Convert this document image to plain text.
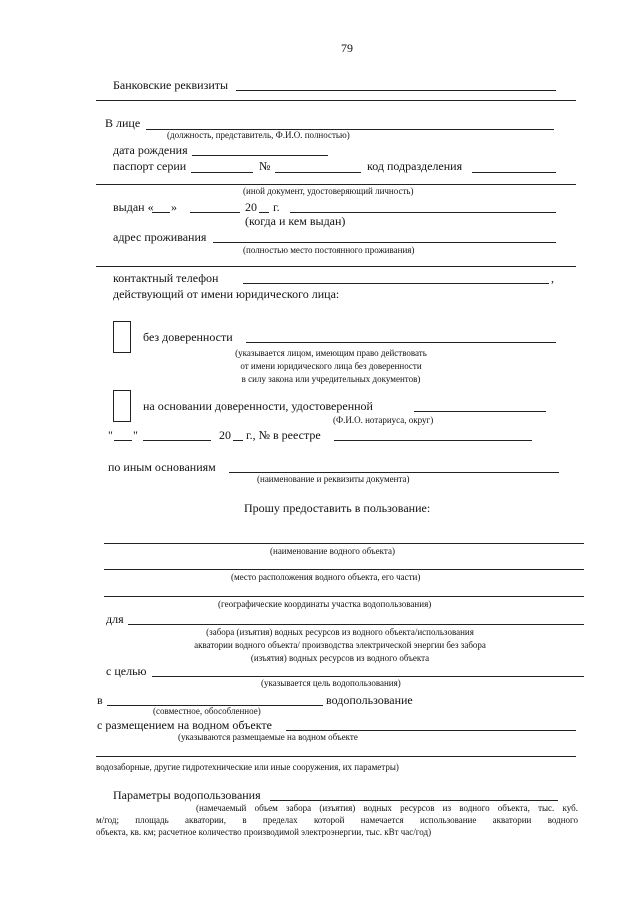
79
Банковские реквизиты
В лице
(должность, представитель, Ф.И.О. полностью)
дата рождения
паспорт серии	№	код подразделения
(иной документ, удостоверяющий личность)
выдан « »	20 г.
(когда и кем выдан)
адрес проживания
(полностью место постоянного проживания)
контактный телефон	,
действующий от имени юридического лица:
без доверенности
(указывается лицом, имеющим право действовать
от имени юридического лица без доверенности
в силу закона или учредительных документов)
на основании доверенности, удостоверенной
(Ф.И.О. нотариуса, округ)
" "	20 г., № в реестре
по иным основаниям
(наименование и реквизиты документа)
Прошу предоставить в пользование:
(наименование водного объекта)
(место расположения водного объекта, его части)
(географические координаты участка водопользования)
для
(забора (изъятия) водных ресурсов из водного объекта/использования
акватории водного объекта/ производства электрической энергии без забора
(изъятия) водных ресурсов из водного объекта
с целью
(указывается цель водопользования)
в	водопользование
(совместное, обособленное)
с размещением на водном объекте
(указываются размещаемые на водном объекте
водозаборные, другие гидротехнические или иные сооружения, их параметры)
Параметры водопользования
(намечаемый объем забора (изъятия) водных ресурсов из водного объекта, тыс. куб.
м/год; площадь акватории, в пределах которой намечается использование акватории водного
объекта, кв. км; расчетное количество производимой электроэнергии, тыс. кВт час/год)
